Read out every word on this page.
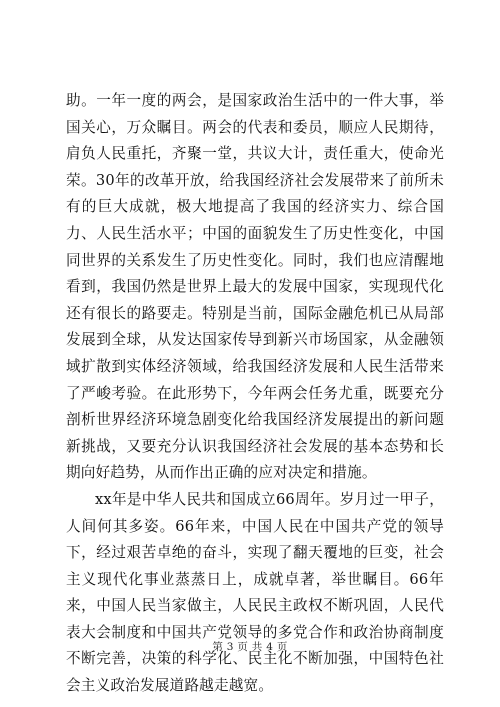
助。一年一度的两会，是国家政治生活中的一件大事，举国关心，万众瞩目。两会的代表和委员，顺应人民期待，肩负人民重托，齐聚一堂，共议大计，责任重大，使命光荣。30年的改革开放，给我国经济社会发展带来了前所未有的巨大成就，极大地提高了我国的经济实力、综合国力、人民生活水平；中国的面貌发生了历史性变化，中国同世界的关系发生了历史性变化。同时，我们也应清醒地看到，我国仍然是世界上最大的发展中国家，实现现代化还有很长的路要走。特别是当前，国际金融危机已从局部发展到全球，从发达国家传导到新兴市场国家，从金融领域扩散到实体经济领域，给我国经济发展和人民生活带来了严峻考验。在此形势下，今年两会任务尤重，既要充分剖析世界经济环境急剧变化给我国经济发展提出的新问题新挑战，又要充分认识我国经济社会发展的基本态势和长期向好趋势，从而作出正确的应对决定和措施。

xx年是中华人民共和国成立66周年。岁月过一甲子，人间何其多姿。66年来，中国人民在中国共产党的领导下，经过艰苦卓绝的奋斗，实现了翻天覆地的巨变，社会主义现代化事业蒸蒸日上，成就卓著，举世瞩目。66年来，中国人民当家做主，人民民主政权不断巩固，人民代表大会制度和中国共产党领导的多党合作和政治协商制度不断完善，决策的科学化、民主化不断加强，中国特色社会主义政治发展道路越走越宽。

第 3 页 共 4 页
